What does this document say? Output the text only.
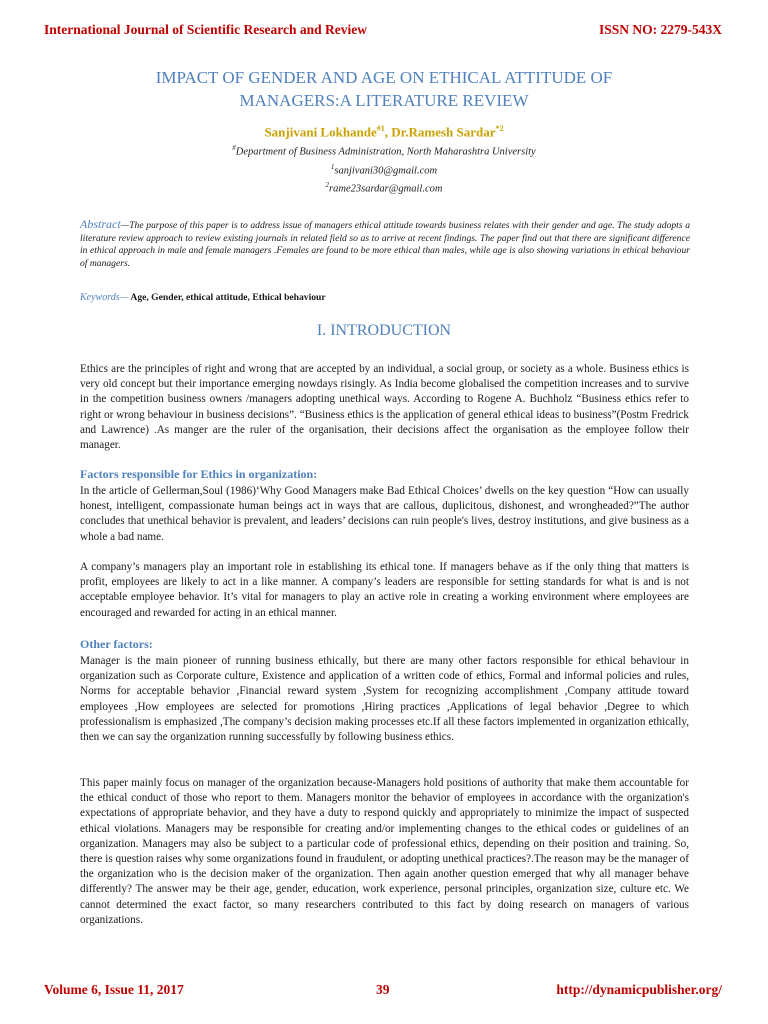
International Journal of Scientific Research and Review	ISSN NO: 2279-543X
IMPACT OF GENDER AND AGE ON ETHICAL ATTITUDE OF
MANAGERS:A LITERATURE REVIEW
Sanjivani Lokhande$^{\#1}$, Dr.Ramesh Sardar$^{*2}$
#Department of Business Administration, North Maharashtra University
$^1$sanjivani30@gmail.com
$^2$rame23sardar@gmail.com
Abstract—The purpose of this paper is to address issue of managers ethical attitude towards business relates with their gender and age. The study adopts a literature review approach to review existing journals in related field so as to arrive at recent findings. The paper find out that there are significant difference in ethical approach in male and female managers .Females are found to be more ethical than males, while age is also showing variations in ethical behaviour of managers.
Keywords— Age, Gender, ethical attitude, Ethical behaviour
I. INTRODUCTION

Ethics are the principles of right and wrong that are accepted by an individual, a social group, or society as a whole. Business ethics is very old concept but their importance emerging nowdays risingly. As India become globalised the competition increases and to survive in the competition business owners /managers adopting unethical ways. According to Rogene A. Buchholz “Business ethics refer to right or wrong behaviour in business decisions”. “Business ethics is the application of general ethical ideas to business”(Postm Fredrick and Lawrence) .As manger are the ruler of the organisation, their decisions affect the organisation as the employee follow their manager.

Factors responsible for Ethics in organization:

In the article of Gellerman,Soul (1986)‘Why Good Managers make Bad Ethical Choices’ dwells on the key question “How can usually honest, intelligent, compassionate human beings act in ways that are callous, duplicitous, dishonest, and wrongheaded?”The author concludes that unethical behavior is prevalent, and leaders’ decisions can ruin people's lives, destroy institutions, and give business as a whole a bad name.

A company’s managers play an important role in establishing its ethical tone. If managers behave as if the only thing that matters is profit, employees are likely to act in a like manner. A company’s leaders are responsible for setting standards for what is and is not acceptable employee behavior. It’s vital for managers to play an active role in creating a working environment where employees are encouraged and rewarded for acting in an ethical manner.

Other factors:

Manager is the main pioneer of running business ethically, but there are many other factors responsible for ethical behaviour in organization such as Corporate culture, Existence and application of a written code of ethics, Formal and informal policies and rules, Norms for acceptable behavior ,Financial reward system ,System for recognizing accomplishment ,Company attitude toward employees ,How employees are selected for promotions ,Hiring practices ,Applications of legal behavior ,Degree to which professionalism is emphasized ,The company’s decision making processes etc.If all these factors implemented in organization ethically, then we can say the organization running successfully by following business ethics.

This paper mainly focus on manager of the organization because-Managers hold positions of authority that make them accountable for the ethical conduct of those who report to them. Managers monitor the behavior of employees in accordance with the organization's expectations of appropriate behavior, and they have a duty to respond quickly and appropriately to minimize the impact of suspected ethical violations. Managers may be responsible for creating and/or implementing changes to the ethical codes or guidelines of an organization. Managers may also be subject to a particular code of professional ethics, depending on their position and training. So, there is question raises why some organizations found in fraudulent, or adopting unethical practices?.The reason may be the manager of the organization who is the decision maker of the organization. Then again another question emerged that why all manager behave differently? The answer may be their age, gender, education, work experience, personal principles, organization size, culture etc. We cannot determined the exact factor, so many researchers contributed to this fact by doing research on managers of various organizations.

Volume 6, Issue 11, 2017	39	http://dynamicpublisher.org/
